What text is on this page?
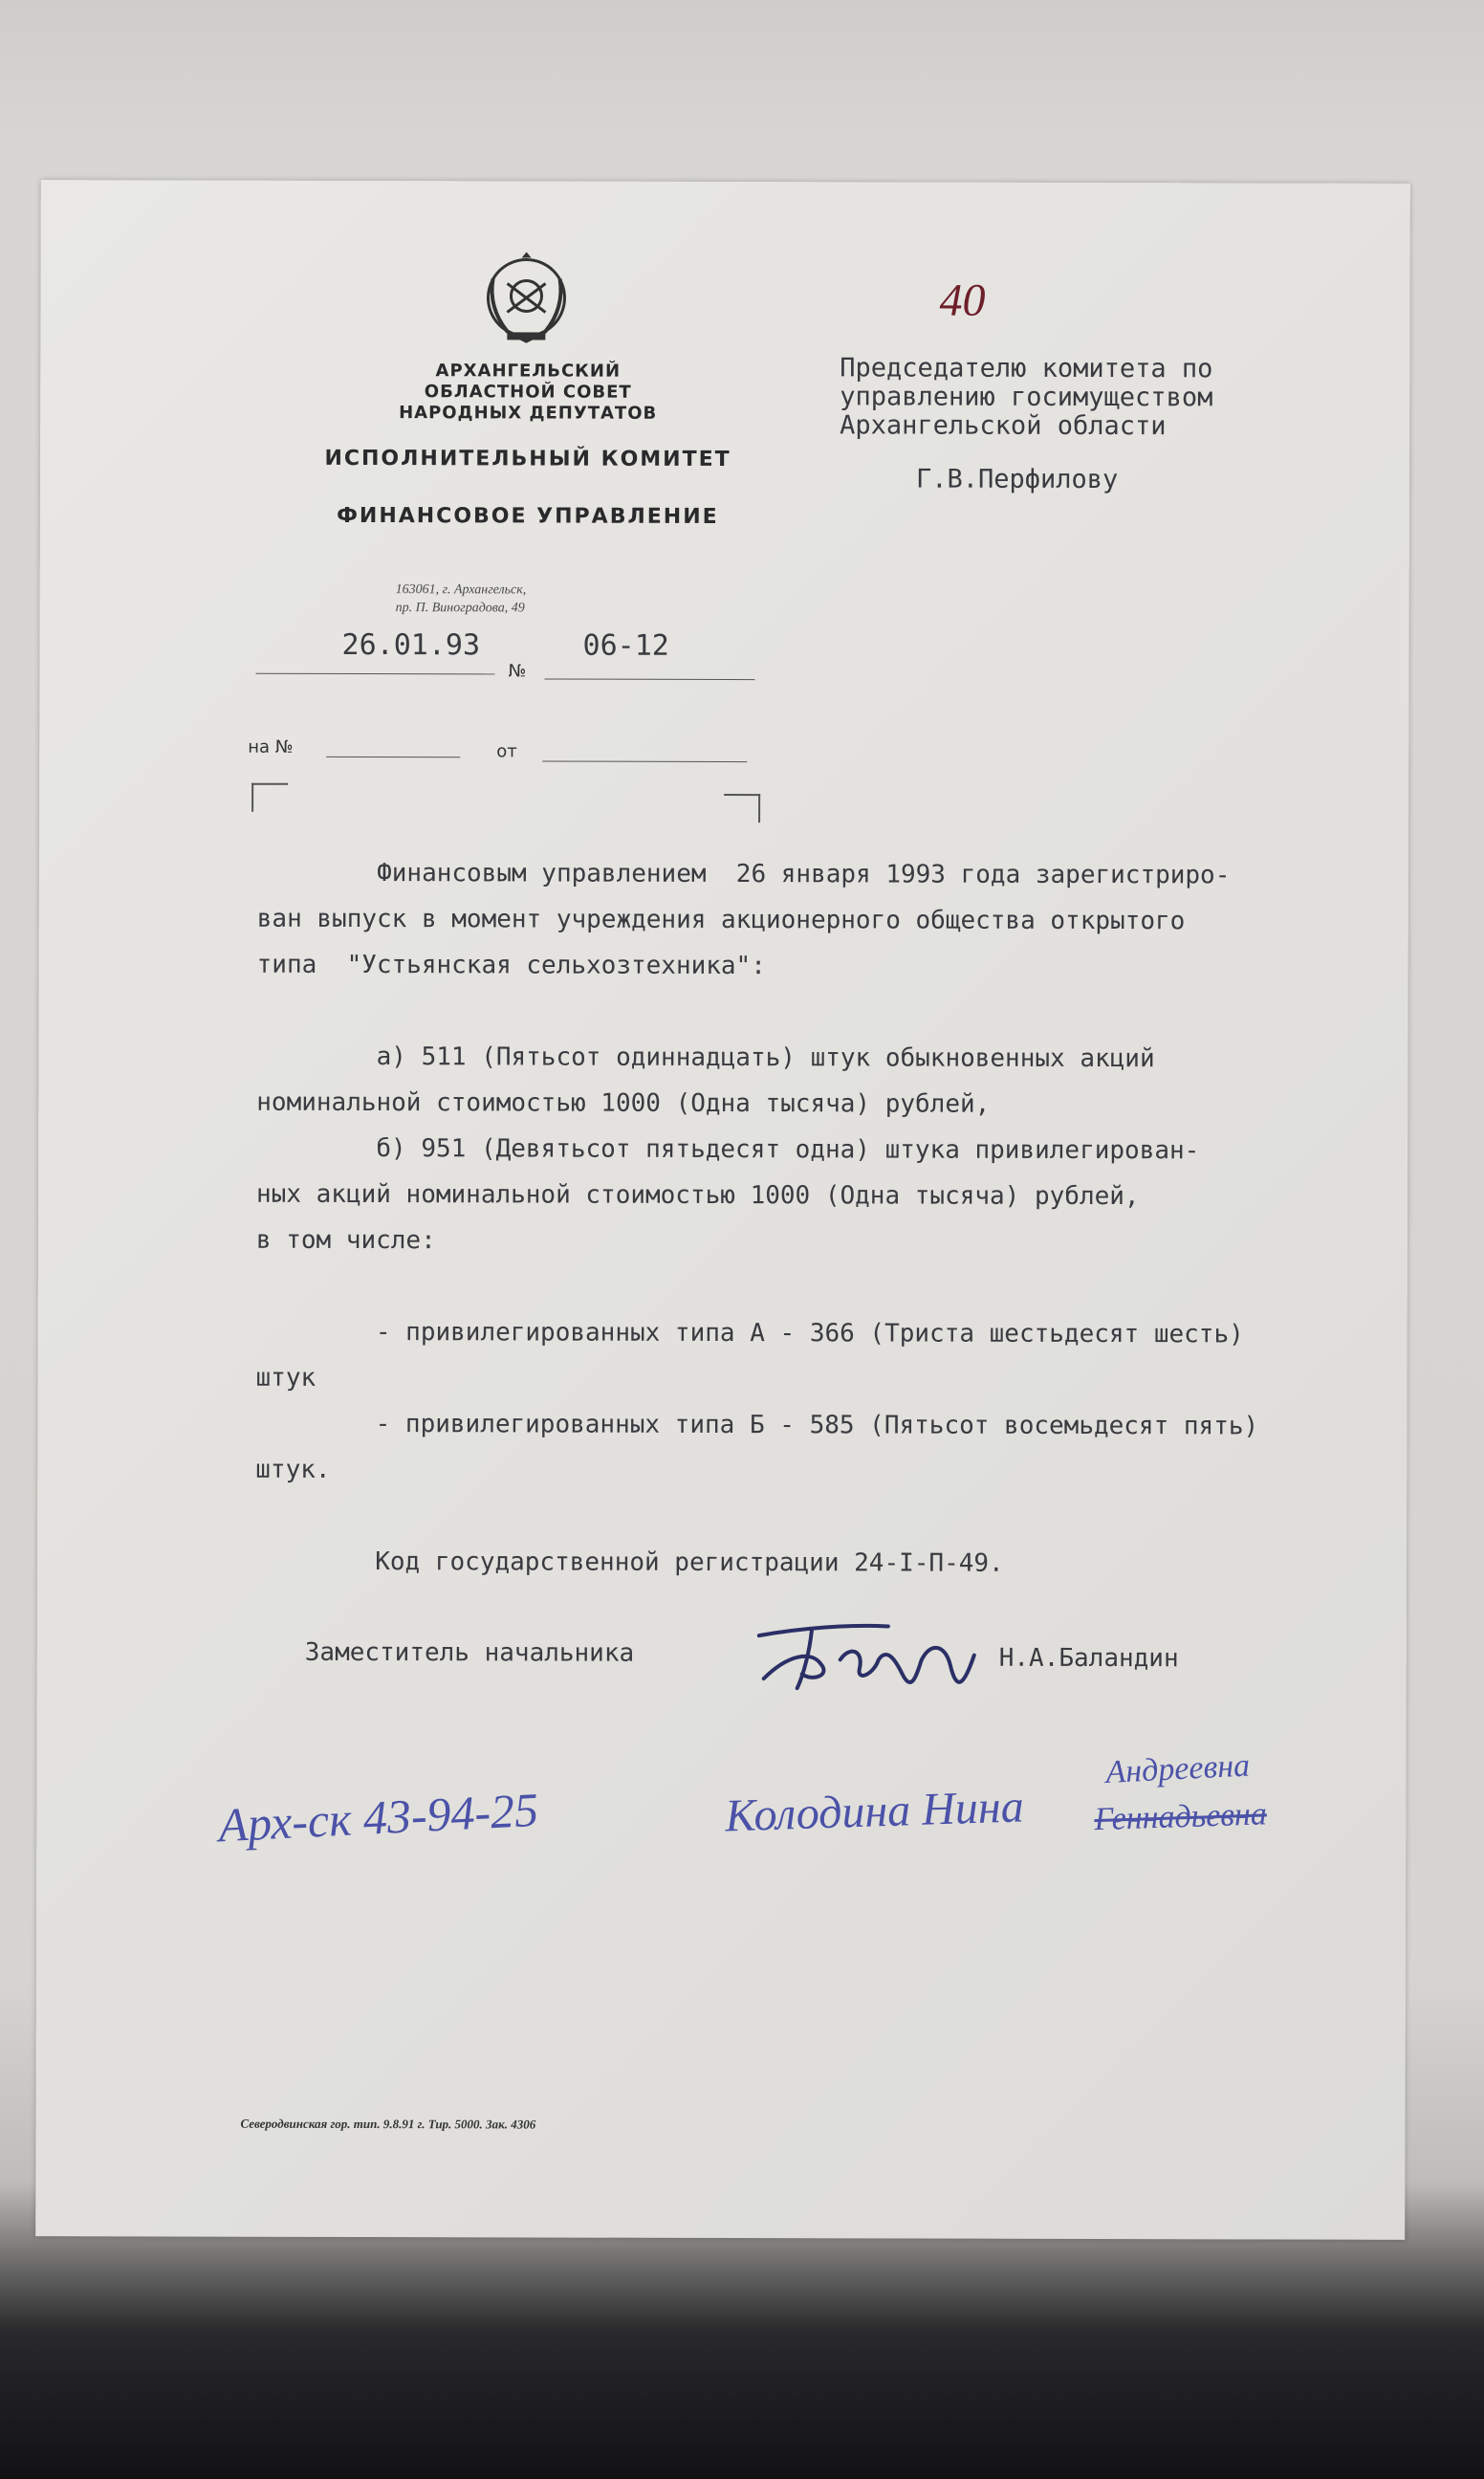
АРХАНГЕЛЬСКИЙ
ОБЛАСТНОЙ СОВЕТ
НАРОДНЫХ ДЕПУТАТОВ
ИСПОЛНИТЕЛЬНЫЙ КОМИТЕТ
ФИНАНСОВОЕ УПРАВЛЕНИЕ
163061, г. Архангельск,
пр. П. Виноградова, 49
26.01.93
№
06-12
на №	от
40
Председателю комитета по
управлению госимуществом
Архангельской области
Г.В.Перфилову
Финансовым управлением  26 января 1993 года зарегистриро-
ван выпуск в момент учреждения акционерного общества открытого
типа  "Устьянская сельхозтехника":

а) 511 (Пятьсот одиннадцать) штук обыкновенных акций
номинальной стоимостью 1000 (Одна тысяча) рублей,
б) 951 (Девятьсот пятьдесят одна) штука привилегирован-
ных акций номинальной стоимостью 1000 (Одна тысяча) рублей,
в том числе:

- привилегированных типа А - 366 (Триста шестьдесят шесть)
штук
- привилегированных типа Б - 585 (Пятьсот восемьдесят пять)
штук.

Код государственной регистрации 24-I-П-49.
Заместитель начальника	Н.А.Баландин
Арх-ск 43-94-25	Колодина Нина
Андреевна
Геннадьевна
Северодвинская гор. тип. 9.8.91 г. Тир. 5000. Зак. 4306
